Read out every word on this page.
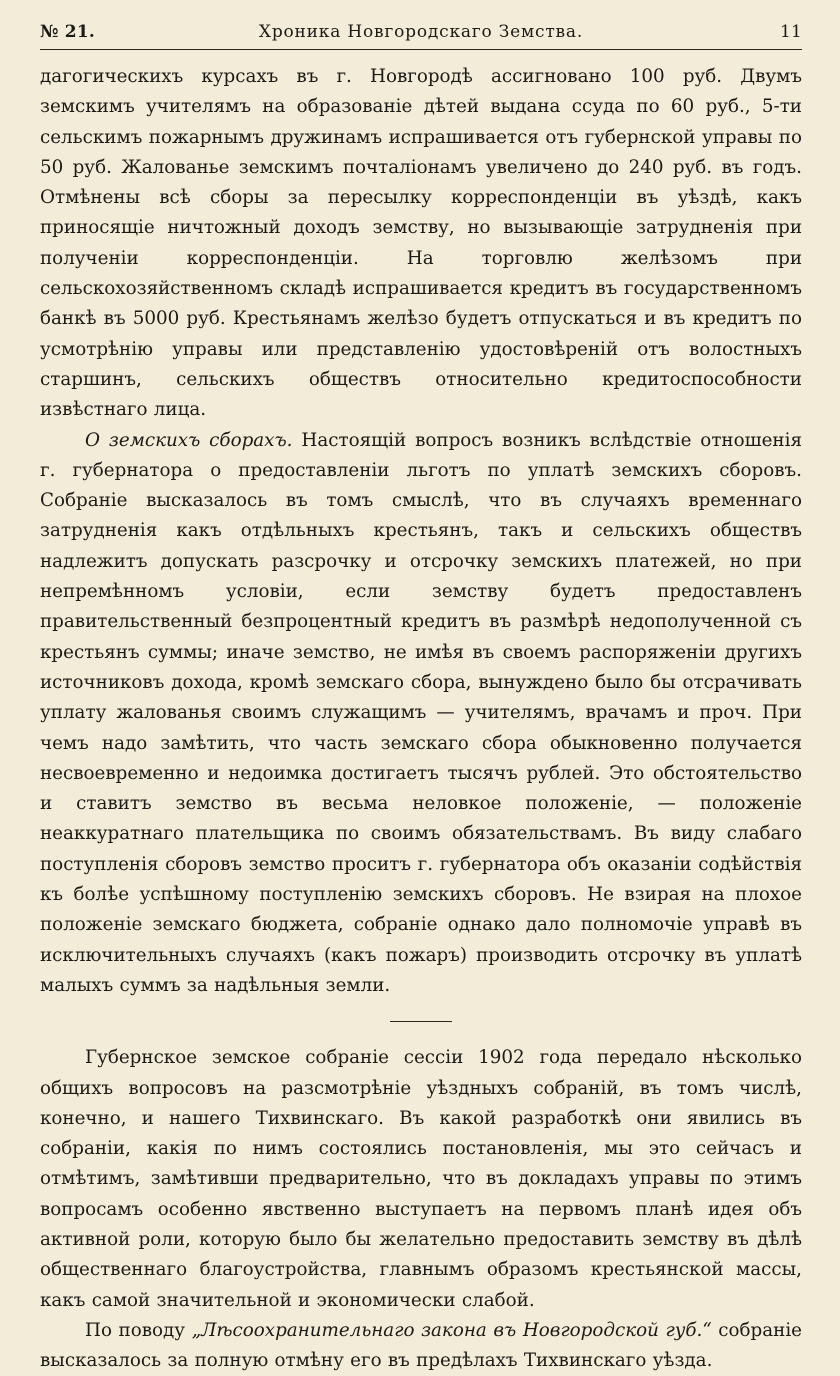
№ 21.	Хроника Новгородскаго Земства.	11

дагогическихъ курсахъ въ г. Новгородѣ ассигновано 100 руб. Двумъ земскимъ учителямъ на образованіе дѣтей выдана ссуда по 60 руб., 5-ти сельскимъ пожарнымъ дружинамъ испрашивается отъ губернской управы по 50 руб. Жалованье земскимъ почталіонамъ увеличено до 240 руб. въ годъ. Отмѣнены всѣ сборы за пересылку корреспонденціи въ уѣздѣ, какъ приносящіе ничтожный доходъ земству, но вызывающіе затрудненія при полученіи корреспонденціи. На торговлю желѣзомъ при сельскохозяйственномъ складѣ испрашивается кредитъ въ государственномъ банкѣ въ 5000 руб. Крестьянамъ желѣзо будетъ отпускаться и въ кредитъ по усмотрѣнію управы или представленію удостовѣреній отъ волостныхъ старшинъ, сельскихъ обществъ относительно кредитоспособности извѣстнаго лица.

О земскихъ сборахъ. Настоящій вопросъ возникъ вслѣдствіе отношенія г. губернатора о предоставленіи льготъ по уплатѣ земскихъ сборовъ. Собраніе высказалось въ томъ смыслѣ, что въ случаяхъ временнаго затрудненія какъ отдѣльныхъ крестьянъ, такъ и сельскихъ обществъ надлежитъ допускать разсрочку и отсрочку земскихъ платежей, но при непремѣнномъ условіи, если земству будетъ предоставленъ правительственный безпроцентный кредитъ въ размѣрѣ недополученной съ крестьянъ суммы; иначе земство, не имѣя въ своемъ распоряженіи другихъ источниковъ дохода, кромѣ земскаго сбора, вынуждено было бы отсрачивать уплату жалованья своимъ служащимъ — учителямъ, врачамъ и проч. При чемъ надо замѣтить, что часть земскаго сбора обыкновенно получается несвоевременно и недоимка достигаетъ тысячъ рублей. Это обстоятельство и ставитъ земство въ весьма неловкое положеніе, — положеніе неаккуратнаго плательщика по своимъ обязательствамъ. Въ виду слабаго поступленія сборовъ земство проситъ г. губернатора объ оказаніи содѣйствія къ болѣе успѣшному поступленію земскихъ сборовъ. Не взирая на плохое положеніе земскаго бюджета, собраніе однако дало полномочіе управѣ въ исключительныхъ случаяхъ (какъ пожаръ) производить отсрочку въ уплатѣ малыхъ суммъ за надѣльныя земли.

Губернское земское собраніе сессіи 1902 года передало нѣсколько общихъ вопросовъ на разсмотрѣніе уѣздныхъ собраній, въ томъ числѣ, конечно, и нашего Тихвинскаго. Въ какой разработкѣ они явились въ собраніи, какія по нимъ состоялись постановленія, мы это сейчасъ и отмѣтимъ, замѣтивши предварительно, что въ докладахъ управы по этимъ вопросамъ особенно явственно выступаетъ на первомъ планѣ идея объ активной роли, которую было бы желательно предоставить земству въ дѣлѣ общественнаго благоустройства, главнымъ образомъ крестьянской массы, какъ самой значительной и экономически слабой.

По поводу „Лѣсоохранительнаго закона въ Новгородской губ.“ собраніе высказалось за полную отмѣну его въ предѣлахъ Тихвинскаго уѣзда.
